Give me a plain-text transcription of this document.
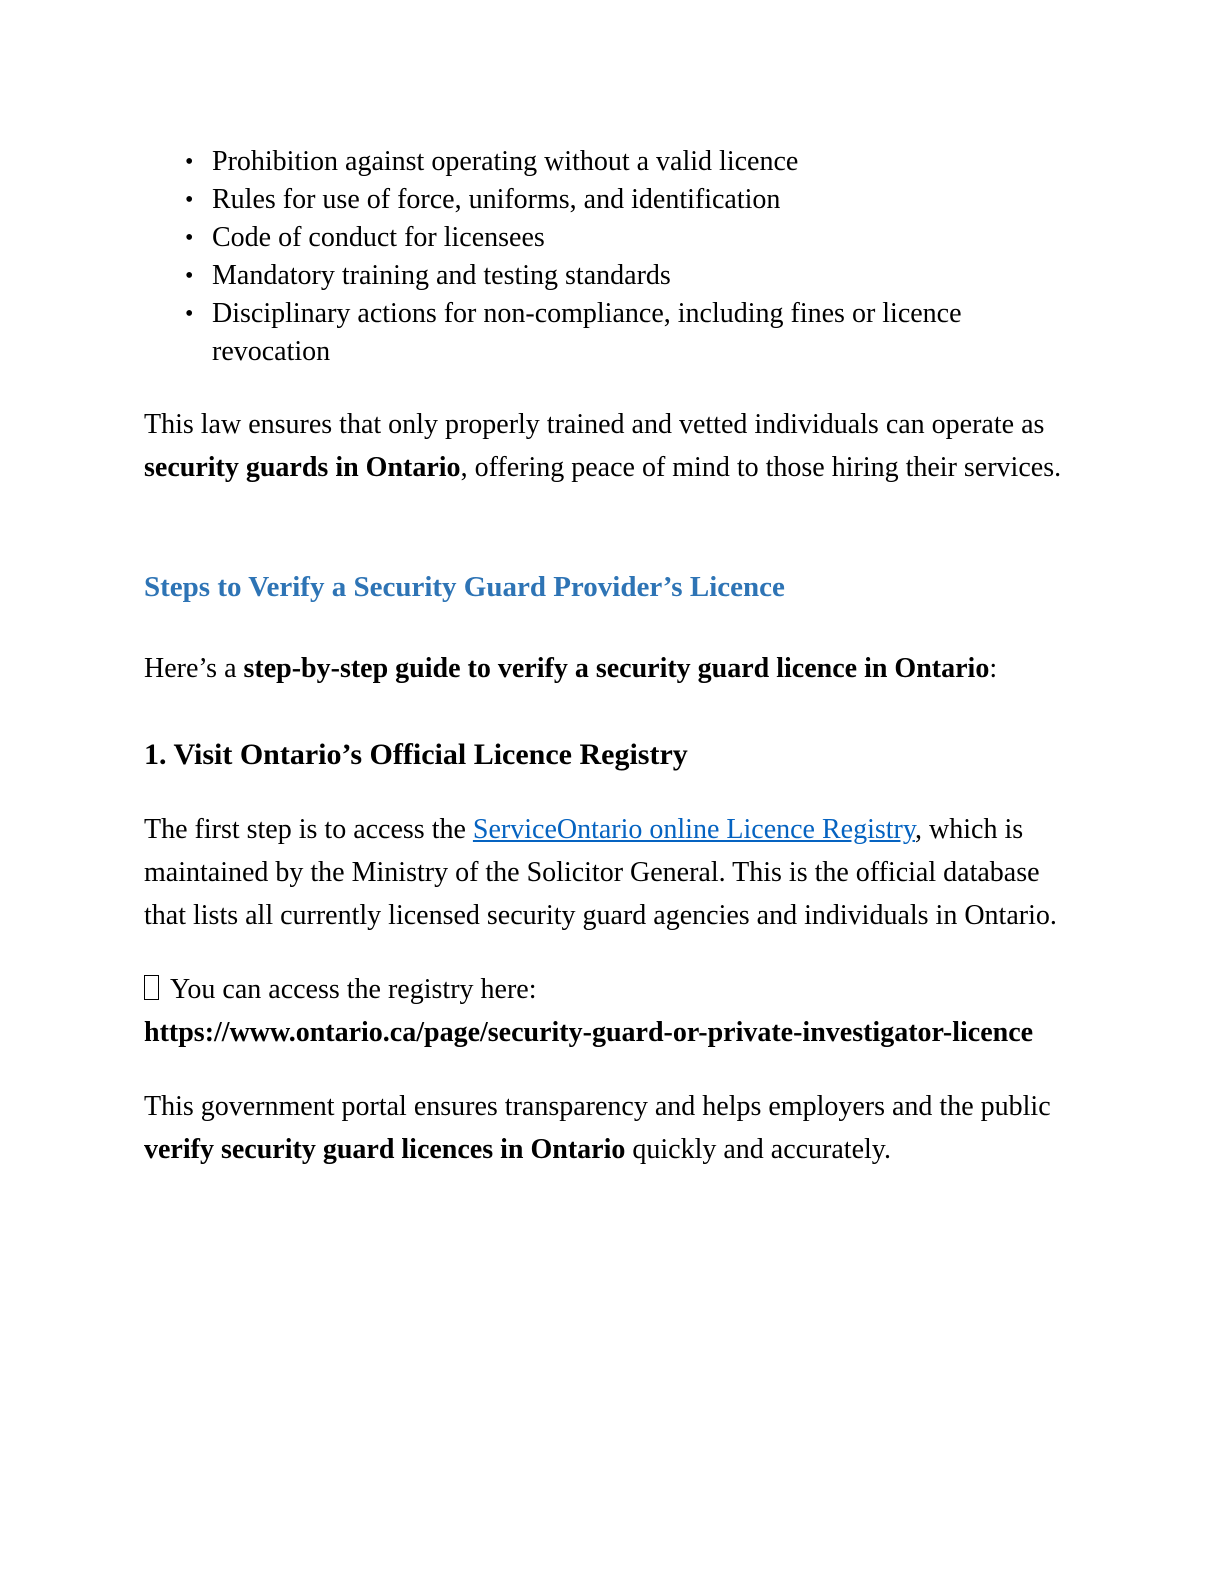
• Prohibition against operating without a valid licence
• Rules for use of force, uniforms, and identification
• Code of conduct for licensees
• Mandatory training and testing standards
• Disciplinary actions for non-compliance, including fines or licence revocation

This law ensures that only properly trained and vetted individuals can operate as security guards in Ontario, offering peace of mind to those hiring their services.

Steps to Verify a Security Guard Provider’s Licence

Here’s a step-by-step guide to verify a security guard licence in Ontario:

1. Visit Ontario’s Official Licence Registry

The first step is to access the ServiceOntario online Licence Registry, which is maintained by the Ministry of the Solicitor General. This is the official database that lists all currently licensed security guard agencies and individuals in Ontario.

You can access the registry here:
https://www.ontario.ca/page/security-guard-or-private-investigator-licence

This government portal ensures transparency and helps employers and the public verify security guard licences in Ontario quickly and accurately.
